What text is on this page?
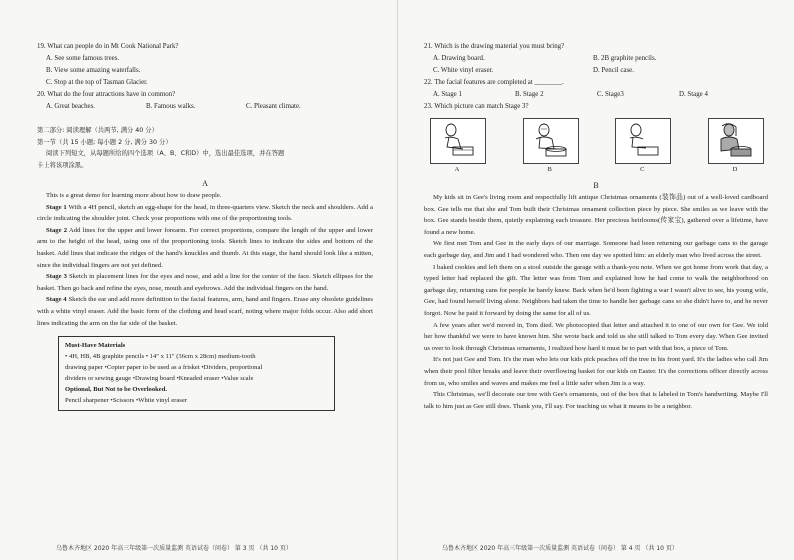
19. What can people do in Mt Cook National Park?
A. See some famous trees.
B. View some amazing waterfalls.
C. Stop at the top of Tasman Glacier.
20. What do the four attractions have in common?
A. Great beaches.	B. Famous walks.	C. Pleasant climate.
第二部分: 阅读理解（共两节, 满分 40 分）
第一节（共 15 小题; 每小题 2 分, 满分 30 分）
阅读下列短文，从每题所给的四个选项（A、B、C和D）中，选出最佳选项，并在答题
卡上将该项涂黑。
A
This is a great demo for learning more about how to draw people.
Stage 1 With a 4H pencil, sketch an egg-shape for the head, in three-quarters view. Sketch the neck and shoulders. Add a circle indicating the shoulder joint. Check your proportions with one of the proportioning tools.
Stage 2 Add lines for the upper and lower forearm. For correct proportions, compare the length of the upper and lower arm to the height of the head, using one of the proportioning tools. Sketch lines to indicate the sides and bottom of the basket. Add lines that indicate the ridges of the hand's knuckles and thumb. At this stage, the hand should look like a mitten, since the individual fingers are not yet defined.
Stage 3 Sketch in placement lines for the eyes and nose, and add a line for the center of the face. Sketch ellipses for the basket. Then go back and refine the eyes, nose, mouth and eyebrows. Add the individual fingers on the hand.
Stage 4 Sketch the ear and add more definition to the facial features, arm, hand and fingers. Erase any obsolete guidelines with a white vinyl eraser. Add the basic form of the clothing and head scarf, noting where major folds occur. Also add short lines indicating the arm on the far side of the basket.
Must-Have Materials
• 4H, HB, 4B graphite pencils • 14" x 11" (36cm x 28cm) medium-tooth
drawing paper •Copier paper to be used as a frisket •Dividers, proportional
dividers or sewing gauge •Drawing board •Kneaded eraser •Value scale
Optional, But Not to be Overlooked.
Pencil sharpener •Scissors •White vinyl eraser
乌鲁木齐地区 2020 年高三年级第一次质量监测 英语试卷（问卷） 第 3 页 （共 10 页）
21. Which is the drawing material you must bring?
A. Drawing board.	B. 2B graphite pencils.
C. White vinyl eraser.	D. Pencil case.
22. The facial features are completed at ________.
A. Stage 1	B. Stage 2	C. Stage3	D. Stage 4
23. Which picture can match Stage 3?
A	B	C	D
B
My kids sit in Gee's living room and respectfully lift antique Christmas ornaments (装饰品) out of a well-loved cardboard box. Gee tells me that she and Tom built their Christmas ornament collection piece by piece. She smiles as we leave with the box. Gee stands beside them, quietly explaining each treasure. Her precious heirlooms(传家宝), gathered over a lifetime, have found a new home.
We first met Tom and Gee in the early days of our marriage. Someone had been returning our garbage cans to the garage each garbage day, and Jim and I had wondered who. Then one day we spotted him: an elderly man who lived across the street.
I baked cookies and left them on a stool outside the garage with a thank-you note. When we got home from work that day, a typed letter had replaced the gift. The letter was from Tom and explained how he had come to walk the neighborhood on garbage day, returning cans for people he barely knew. Back when he'd been fighting a war I wasn't alive to see, his young wife, Gee, had found herself living alone. Neighbors had taken the time to handle her garbage cans so she didn't have to, and he never forgot. Now he paid it forward by doing the same for all of us.
A few years after we'd moved in, Tom died. We photocopied that letter and attached it to one of our own for Gee. We told her how thankful we were to have known him. She wrote back and told us she still talked to Tom every day. When Gee invited us over to look through Christmas ornaments, I realized how hard it must be to part with that box, a piece of Tom.
It's not just Gee and Tom. It's the man who lets our kids pick peaches off the tree in his front yard. It's the ladies who call Jim when their pool filter breaks and leave their overflowing basket for our kids on Easter. It's the corrections officer directly across from us, who smiles and waves and makes me feel a little safer when Jim is a way.
This Christmas, we'll decorate our tree with Gee's ornaments, out of the box that is labeled in Tom's handwriting. Maybe I'll talk to him just as Gee still does. Thank you, I'll say. For teaching us what it means to be a neighbor.
乌鲁木齐地区 2020 年高三年级第一次质量监测 英语试卷（问卷） 第 4 页 （共 10 页）
